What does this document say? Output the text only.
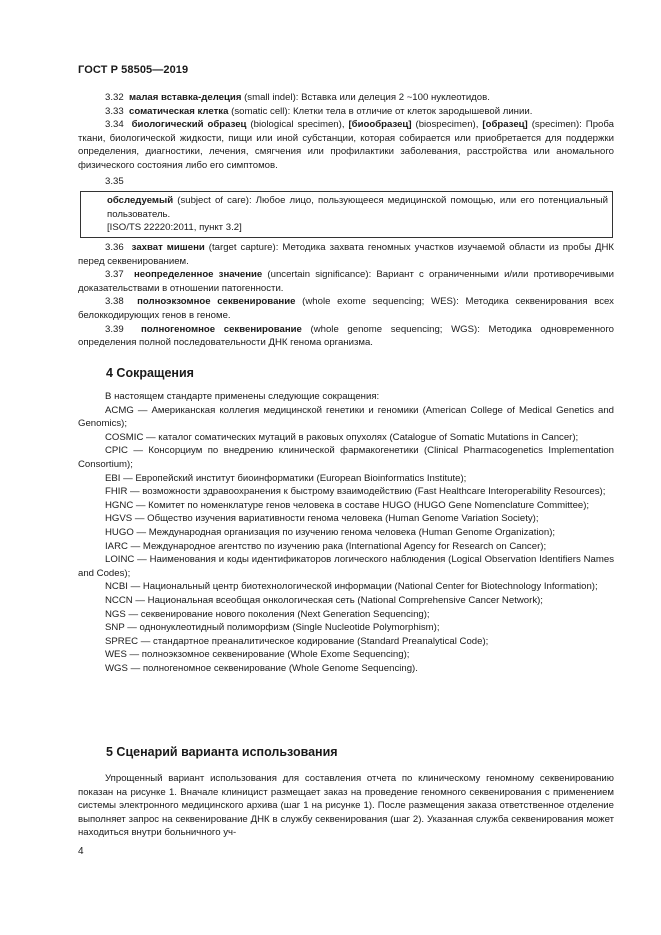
ГОСТ Р 58505—2019

3.32 малая вставка-делеция (small indel): Вставка или делеция 2 ~100 нуклеотидов.

3.33 соматическая клетка (somatic cell): Клетки тела в отличие от клеток зародышевой линии.

3.34 биологический образец (biological specimen), [биообразец] (biospecimen), [образец] (specimen): Проба ткани, биологической жидкости, пищи или иной субстанции, которая собирается или приобретается для поддержки определения, диагностики, лечения, смягчения или профилактики заболевания, расстройства или аномального физического состояния либо его симптомов.

3.35

обследуемый (subject of care): Любое лицо, пользующееся медицинской помощью, или его потенциальный пользователь.

[ISO/TS 22220:2011, пункт 3.2]

3.36 захват мишени (target capture): Методика захвата геномных участков изучаемой области из пробы ДНК перед секвенированием.

3.37 неопределенное значение (uncertain significance): Вариант с ограниченными и/или противоречивыми доказательствами в отношении патогенности.

3.38 полноэкзомное секвенирование (whole exome sequencing; WES): Методика секвенирования всех белоккодирующих генов в геноме.

3.39 полногеномное секвенирование (whole genome sequencing; WGS): Методика одновременного определения полной последовательности ДНК генома организма.

4 Сокращения

В настоящем стандарте применены следующие сокращения:

ACMG — Американская коллегия медицинской генетики и геномики (American College of Medical Genetics and Genomics);

COSMIC — каталог соматических мутаций в раковых опухолях (Catalogue of Somatic Mutations in Cancer);

CPIC — Консорциум по внедрению клинической фармакогенетики (Clinical Pharmacogenetics Implementation Consortium);

EBI — Европейский институт биоинформатики (European Bioinformatics Institute);

FHIR — возможности здравоохранения к быстрому взаимодействию (Fast Healthcare Interoperability Resources);

HGNC — Комитет по номенклатуре генов человека в составе HUGO (HUGO Gene Nomenclature Committee);

HGVS — Общество изучения вариативности генома человека (Human Genome Variation Society);

HUGO — Международная организация по изучению генома человека (Human Genome Organization);

IARC — Международное агентство по изучению рака (International Agency for Research on Cancer);

LOINC — Наименования и коды идентификаторов логического наблюдения (Logical Observation Identifiers Names and Codes);

NCBI — Национальный центр биотехнологической информации (National Center for Biotechnology Information);

NCCN — Национальная всеобщая онкологическая сеть (National Comprehensive Cancer Network);

NGS — секвенирование нового поколения (Next Generation Sequencing);

SNP — однонуклеотидный полиморфизм (Single Nucleotide Polymorphism);

SPREC — стандартное преаналитическое кодирование (Standard Preanalytical Code);

WES — полноэкзомное секвенирование (Whole Exome Sequencing);

WGS — полногеномное секвенирование (Whole Genome Sequencing).

5 Сценарий варианта использования

Упрощенный вариант использования для составления отчета по клиническому геномному секвенированию показан на рисунке 1. Вначале клиницист размещает заказ на проведение геномного секвенирования с применением системы электронного медицинского архива (шаг 1 на рисунке 1). После размещения заказа ответственное отделение выполняет запрос на секвенирование ДНК в службу секвенирования (шаг 2). Указанная служба секвенирования может находиться внутри больничного уч-

4
